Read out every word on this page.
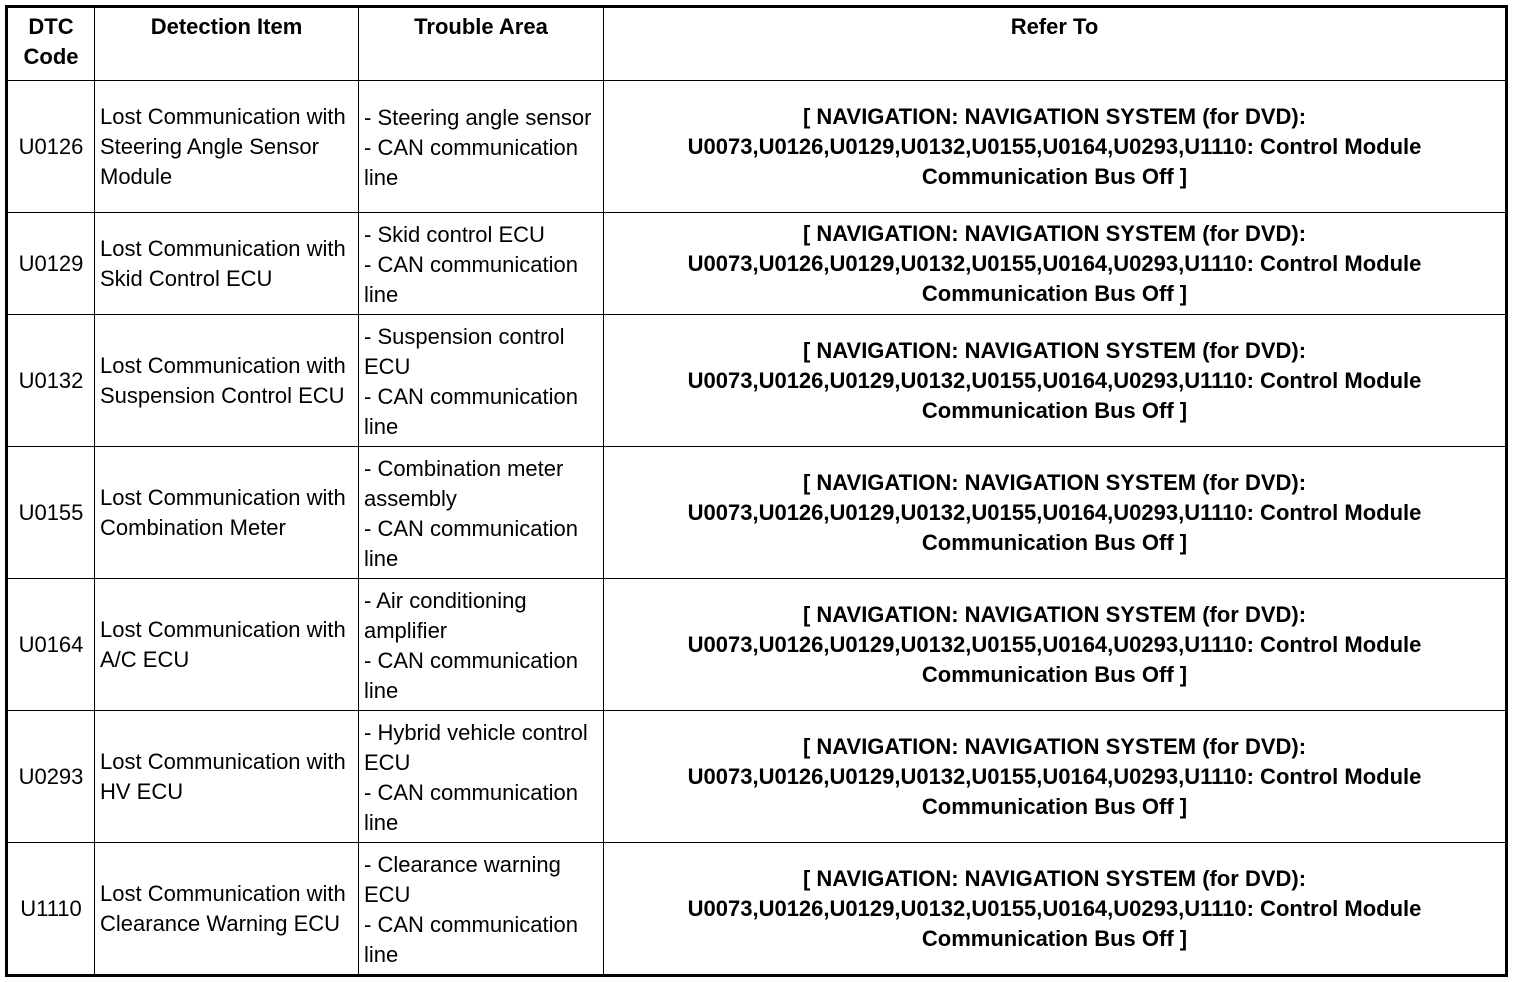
DTC Code	Detection Item	Trouble Area	Refer To
U0126	Lost Communication with Steering Angle Sensor Module	- Steering angle sensor
- CAN communication line	[ NAVIGATION: NAVIGATION SYSTEM (for DVD):
U0073,U0126,U0129,U0132,U0155,U0164,U0293,U1110: Control Module
Communication Bus Off ]

U0129	Lost Communication with Skid Control ECU	- Skid control ECU
- CAN communication line	[ NAVIGATION: NAVIGATION SYSTEM (for DVD):
U0073,U0126,U0129,U0132,U0155,U0164,U0293,U1110: Control Module
Communication Bus Off ]

U0132	Lost Communication with Suspension Control ECU	- Suspension control ECU
- CAN communication line	[ NAVIGATION: NAVIGATION SYSTEM (for DVD):
U0073,U0126,U0129,U0132,U0155,U0164,U0293,U1110: Control Module
Communication Bus Off ]

U0155	Lost Communication with Combination Meter	- Combination meter assembly
- CAN communication line	[ NAVIGATION: NAVIGATION SYSTEM (for DVD):
U0073,U0126,U0129,U0132,U0155,U0164,U0293,U1110: Control Module
Communication Bus Off ]

U0164	Lost Communication with A/C ECU	- Air conditioning amplifier
- CAN communication line	[ NAVIGATION: NAVIGATION SYSTEM (for DVD):
U0073,U0126,U0129,U0132,U0155,U0164,U0293,U1110: Control Module
Communication Bus Off ]

U0293	Lost Communication with HV ECU	- Hybrid vehicle control ECU
- CAN communication line	[ NAVIGATION: NAVIGATION SYSTEM (for DVD):
U0073,U0126,U0129,U0132,U0155,U0164,U0293,U1110: Control Module
Communication Bus Off ]

U1110	Lost Communication with Clearance Warning ECU	- Clearance warning ECU
- CAN communication line	[ NAVIGATION: NAVIGATION SYSTEM (for DVD):
U0073,U0126,U0129,U0132,U0155,U0164,U0293,U1110: Control Module
Communication Bus Off ]
